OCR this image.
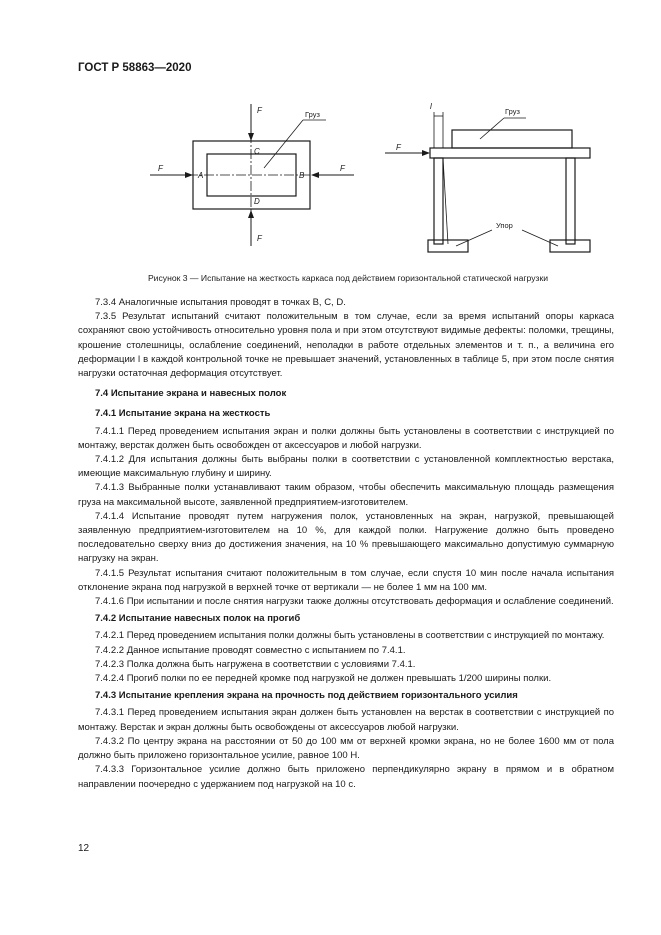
ГОСТ Р 58863—2020
F
F
F	F
A	B
C
D
Груз
F
l
Груз
Упор
Рисунок 3 — Испытание на жесткость каркаса под действием горизонтальной статической нагрузки

7.3.4 Аналогичные испытания проводят в точках B, C, D.

7.3.5 Результат испытаний считают положительным в том случае, если за время испытаний опоры каркаса сохраняют свою устойчивость относительно уровня пола и при этом отсутствуют видимые дефекты: поломки, трещины, крошение столешницы, ослабление соединений, неполадки в работе отдельных элементов и т. п., а величина его деформации l в каждой контрольной точке не превышает значений, установленных в таблице 5, при этом после снятия нагрузки остаточная деформация отсутствует.

7.4 Испытание экрана и навесных полок
7.4.1 Испытание экрана на жесткость

7.4.1.1 Перед проведением испытания экран и полки должны быть установлены в соответствии с инструкцией по монтажу, верстак должен быть освобожден от аксессуаров и любой нагрузки.

7.4.1.2 Для испытания должны быть выбраны полки в соответствии с установленной комплектностью верстака, имеющие максимальную глубину и ширину.

7.4.1.3 Выбранные полки устанавливают таким образом, чтобы обеспечить максимальную площадь размещения груза на максимальной высоте, заявленной предприятием-изготовителем.

7.4.1.4 Испытание проводят путем нагружения полок, установленных на экран, нагрузкой, превышающей заявленную предприятием-изготовителем на 10 %, для каждой полки. Нагружение должно быть проведено последовательно сверху вниз до достижения значения, на 10 % превышающего максимально допустимую суммарную нагрузку на экран.

7.4.1.5 Результат испытания считают положительным в том случае, если спустя 10 мин после начала испытания отклонение экрана под нагрузкой в верхней точке от вертикали — не более 1 мм на 100 мм.

7.4.1.6 При испытании и после снятия нагрузки также должны отсутствовать деформация и ослабление соединений.

7.4.2 Испытание навесных полок на прогиб

7.4.2.1 Перед проведением испытания полки должны быть установлены в соответствии с инструкцией по монтажу.

7.4.2.2 Данное испытание проводят совместно с испытанием по 7.4.1.

7.4.2.3 Полка должна быть нагружена в соответствии с условиями 7.4.1.

7.4.2.4 Прогиб полки по ее передней кромке под нагрузкой не должен превышать 1/200 ширины полки.

7.4.3 Испытание крепления экрана на прочность под действием горизонтального усилия

7.4.3.1 Перед проведением испытания экран должен быть установлен на верстак в соответствии с инструкцией по монтажу. Верстак и экран должны быть освобождены от аксессуаров любой нагрузки.

7.4.3.2 По центру экрана на расстоянии от 50 до 100 мм от верхней кромки экрана, но не более 1600 мм от пола должно быть приложено горизонтальное усилие, равное 100 Н.

7.4.3.3 Горизонтальное усилие должно быть приложено перпендикулярно экрану в прямом и в обратном направлении поочередно с удержанием под нагрузкой на 10 с.

12
